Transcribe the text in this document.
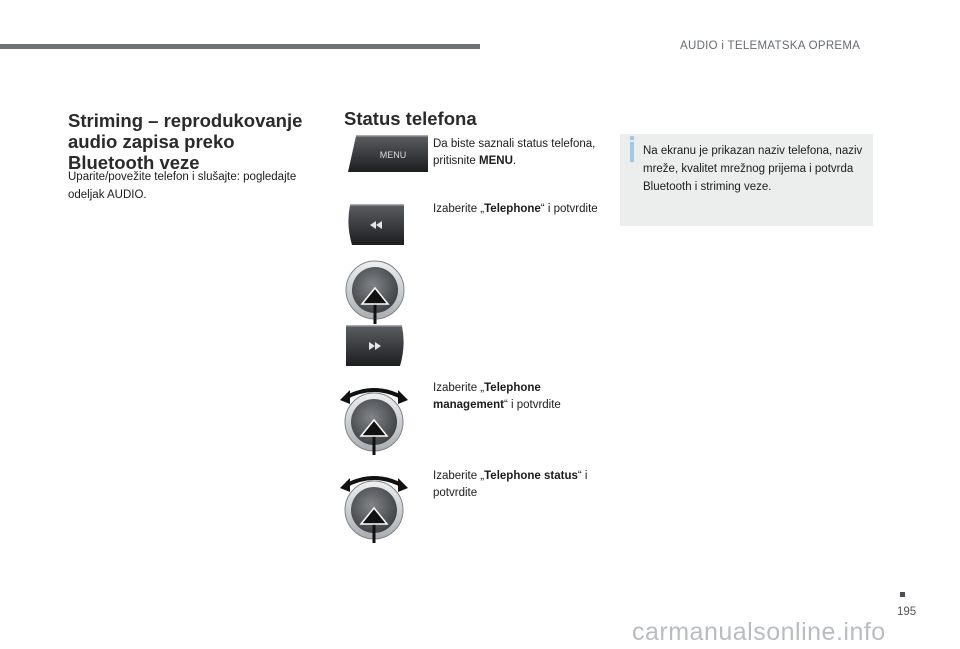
AUDIO i TELEMATSKA OPREMA
Striming – reprodukovanje audio zapisa preko Bluetooth veze

Uparite/povežite telefon i slušajte: pogledajte odeljak AUDIO.

Status telefona
MENU

Da biste saznali status telefona, pritisnite MENU.

Izaberite „Telephone“ i potvrdite

Izaberite „Telephone management“ i potvrdite

Izaberite „Telephone status“ i potvrdite

Na ekranu je prikazan naziv telefona, naziv mreže, kvalitet mrežnog prijema i potvrda Bluetooth i striming veze.

195
carmanualsonline.info
